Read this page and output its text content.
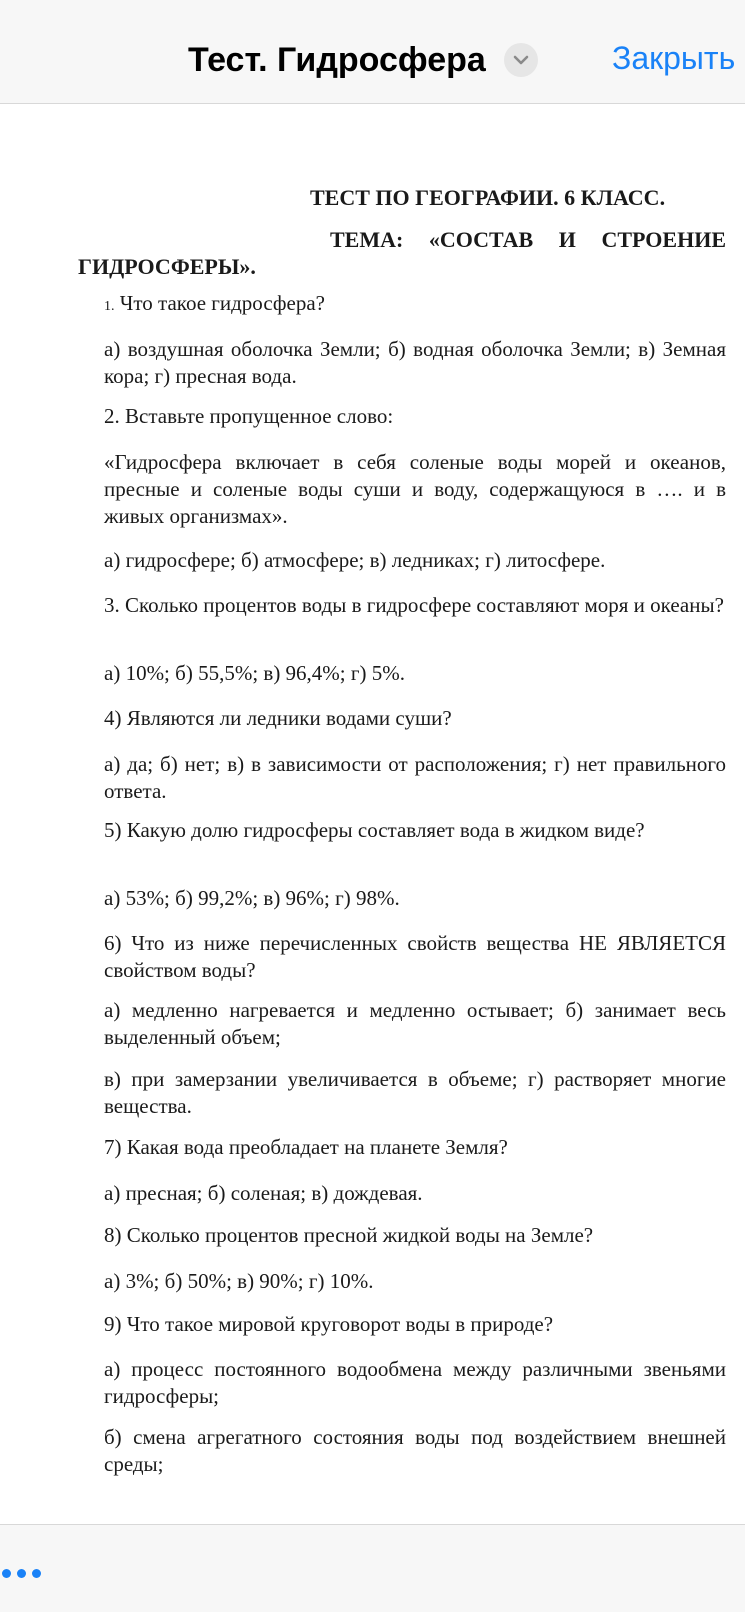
Тест. Гидросфера	Закрыть
ТЕСТ ПО ГЕОГРАФИИ. 6 КЛАСС.
ТЕМА: «СОСТАВ И СТРОЕНИЕ ГИДРОСФЕРЫ».
1. Что такое гидросфера?
а) воздушная оболочка Земли; б) водная оболочка Земли; в) Земная кора; г) пресная вода.
2. Вставьте пропущенное слово:
«Гидросфера включает в себя соленые воды морей и океанов, пресные и соленые воды суши и воду, содержащуюся в …. и в живых организмах».
а) гидросфере; б) атмосфере; в) ледниках; г) литосфере.
3. Сколько процентов воды в гидросфере составляют моря и океаны?
а) 10%; б) 55,5%; в) 96,4%; г) 5%.
4) Являются ли ледники водами суши?
а) да; б) нет; в) в зависимости от расположения; г) нет правильного ответа.
5) Какую долю гидросферы составляет вода в жидком виде?
а) 53%; б) 99,2%; в) 96%; г) 98%.
6) Что из ниже перечисленных свойств вещества НЕ ЯВЛЯЕТСЯ свойством воды?
а) медленно нагревается и медленно остывает; б) занимает весь выделенный объем;
в) при замерзании увеличивается в объеме; г) растворяет многие вещества.
7) Какая вода преобладает на планете Земля?
а) пресная; б) соленая; в) дождевая.
8) Сколько процентов пресной жидкой воды на Земле?
а) 3%; б) 50%; в) 90%; г) 10%.
9) Что такое мировой круговорот воды в природе?
а) процесс постоянного водообмена между различными звеньями гидросферы;
б) смена агрегатного состояния воды под воздействием внешней среды;
